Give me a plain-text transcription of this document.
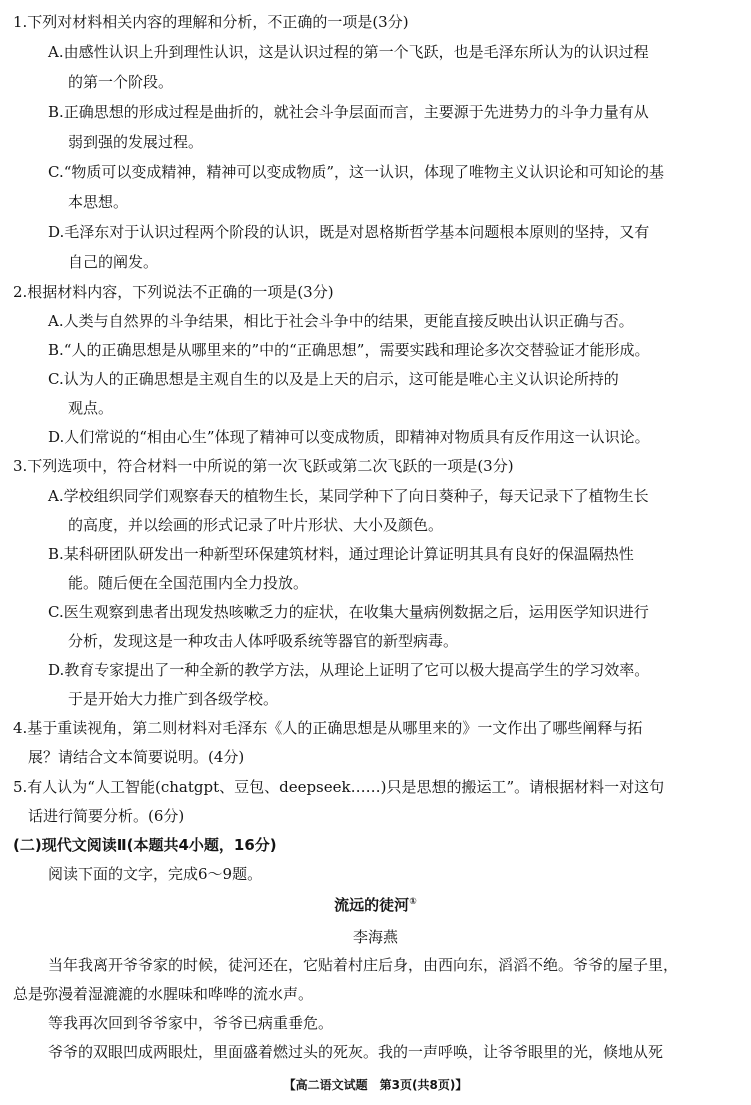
1.下列对材料相关内容的理解和分析，不正确的一项是(3分)
A.由感性认识上升到理性认识，这是认识过程的第一个飞跃，也是毛泽东所认为的认识过程
的第一个阶段。
B.正确思想的形成过程是曲折的，就社会斗争层面而言，主要源于先进势力的斗争力量有从
弱到强的发展过程。
C.“物质可以变成精神，精神可以变成物质”，这一认识，体现了唯物主义认识论和可知论的基
本思想。
D.毛泽东对于认识过程两个阶段的认识，既是对恩格斯哲学基本问题根本原则的坚持，又有
自己的阐发。
2.根据材料内容，下列说法不正确的一项是(3分)
A.人类与自然界的斗争结果，相比于社会斗争中的结果，更能直接反映出认识正确与否。
B.“人的正确思想是从哪里来的”中的“正确思想”，需要实践和理论多次交替验证才能形成。
C.认为人的正确思想是主观自生的以及是上天的启示，这可能是唯心主义认识论所持的
观点。
D.人们常说的“相由心生”体现了精神可以变成物质，即精神对物质具有反作用这一认识论。
3.下列选项中，符合材料一中所说的第一次飞跃或第二次飞跃的一项是(3分)
A.学校组织同学们观察春天的植物生长，某同学种下了向日葵种子，每天记录下了植物生长
的高度，并以绘画的形式记录了叶片形状、大小及颜色。
B.某科研团队研发出一种新型环保建筑材料，通过理论计算证明其具有良好的保温隔热性
能。随后便在全国范围内全力投放。
C.医生观察到患者出现发热咳嗽乏力的症状，在收集大量病例数据之后，运用医学知识进行
分析，发现这是一种攻击人体呼吸系统等器官的新型病毒。
D.教育专家提出了一种全新的教学方法，从理论上证明了它可以极大提高学生的学习效率。
于是开始大力推广到各级学校。
4.基于重读视角，第二则材料对毛泽东《人的正确思想是从哪里来的》一文作出了哪些阐释与拓
展？请结合文本简要说明。(4分)
5.有人认为“人工智能(chatgpt、豆包、deepseek……)只是思想的搬运工”。请根据材料一对这句
话进行简要分析。(6分)
(二)现代文阅读Ⅱ(本题共4小题，16分)
阅读下面的文字，完成6～9题。
流远的徒河①
李海燕
当年我离开爷爷家的时候，徒河还在，它贴着村庄后身，由西向东，滔滔不绝。爷爷的屋子里，
总是弥漫着湿漉漉的水腥味和哗哗的流水声。
等我再次回到爷爷家中，爷爷已病重垂危。
爷爷的双眼凹成两眼灶，里面盛着燃过头的死灰。我的一声呼唤，让爷爷眼里的光，倏地从死
【高二语文试题　第3页(共8页)】
